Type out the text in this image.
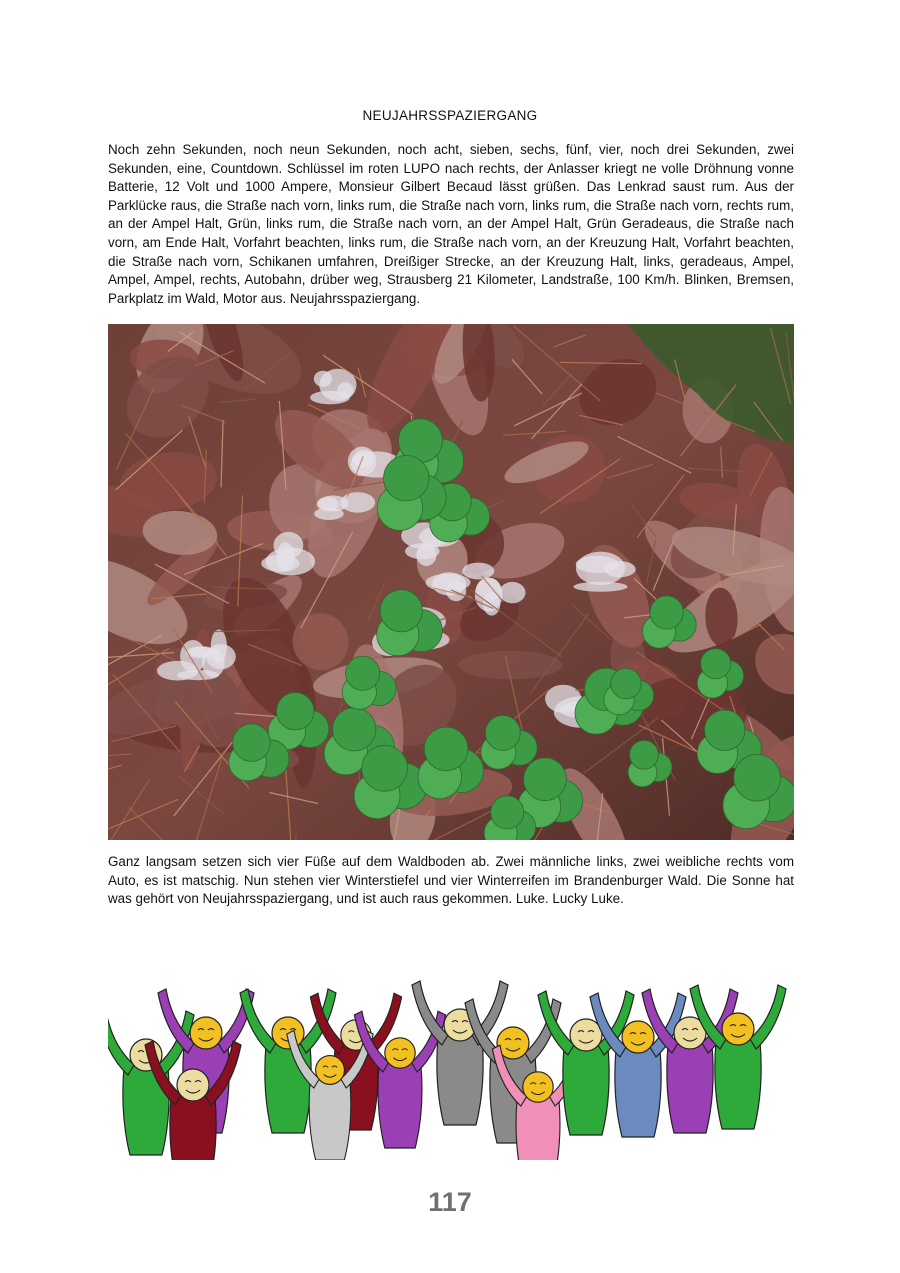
NEUJAHRSSPAZIERGANG

Noch zehn Sekunden, noch neun Sekunden, noch acht, sieben, sechs, fünf, vier, noch drei Sekunden, zwei Sekunden, eine, Countdown. Schlüssel im roten LUPO nach rechts, der Anlasser kriegt ne volle Dröhnung vonne Batterie, 12 Volt und 1000 Ampere, Monsieur Gilbert Becaud lässt grüßen. Das Lenkrad saust rum. Aus der Parklücke raus, die Straße nach vorn, links rum, die Straße nach vorn, links rum, die Straße nach vorn, rechts rum, an der Ampel Halt, Grün, links rum, die Straße nach vorn, an der Ampel Halt, Grün Geradeaus, die Straße nach vorn, am Ende Halt, Vorfahrt beachten, links rum, die Straße nach vorn, an der Kreuzung Halt, Vorfahrt beachten, die Straße nach vorn, Schikanen umfahren, Dreißiger Strecke, an der Kreuzung Halt, links, geradeaus, Ampel, Ampel, Ampel, rechts, Autobahn, drüber weg, Strausberg 21 Kilometer, Landstraße, 100 Km/h. Blinken, Bremsen, Parkplatz im Wald, Motor aus. Neujahrsspaziergang.

Ganz langsam setzen sich vier Füße auf dem Waldboden ab. Zwei männliche links, zwei weibliche rechts vom Auto, es ist matschig. Nun stehen vier Winterstiefel und vier Winterreifen im Brandenburger Wald. Die Sonne hat was gehört von Neujahrsspaziergang, und ist auch raus gekommen. Luke. Lucky Luke.

117
